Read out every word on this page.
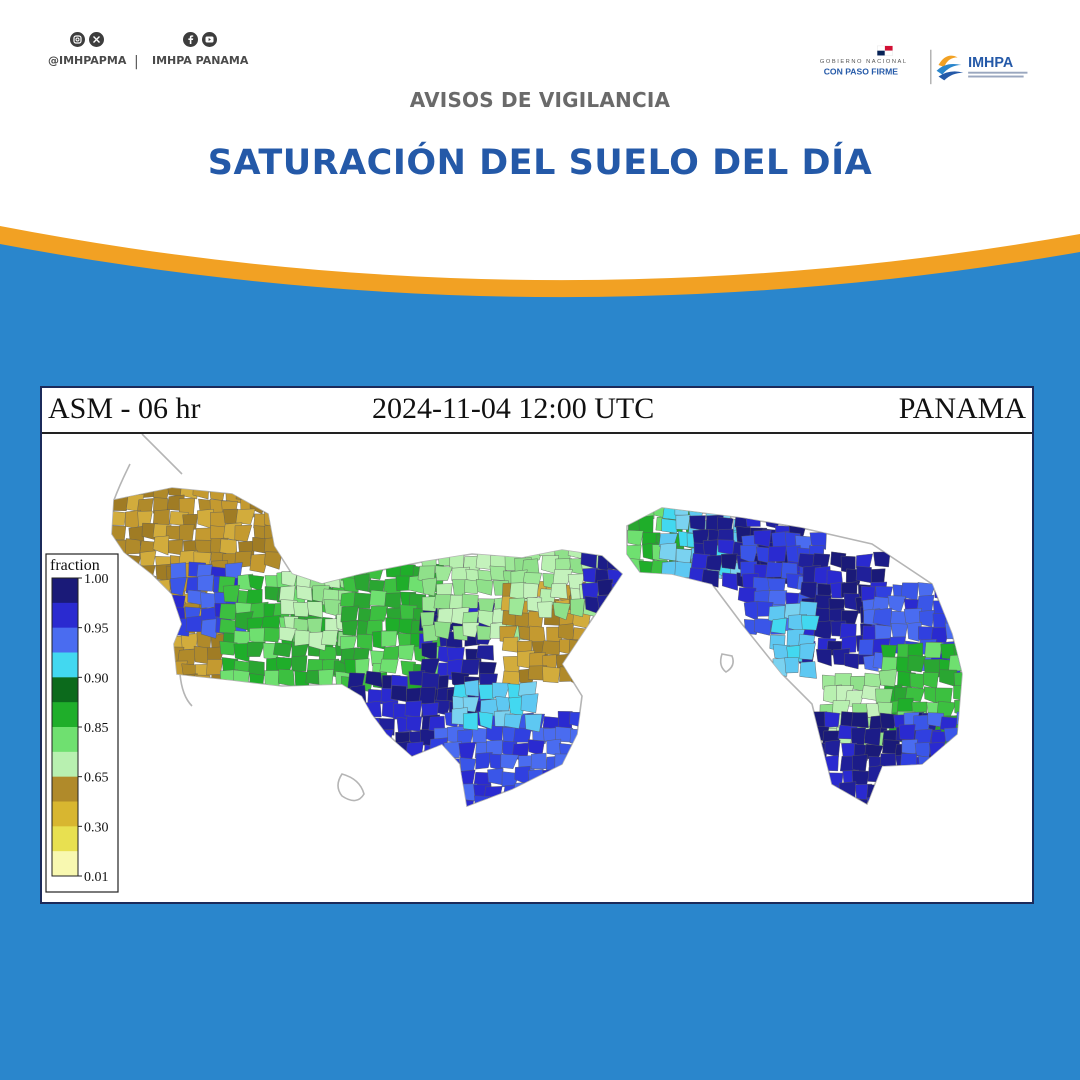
@IMHPAPMA | IMHPA PANAMA	GOBIERNO NACIONAL
CON PASO FIRME
IMHPA
AVISOS DE VIGILANCIA
SATURACIÓN DEL SUELO DEL DÍA
ASM - 06 hr	2024-11-04 12:00 UTC	PANAMA
fraction
1.00
0.95
0.90
0.85
0.65
0.30
0.01
